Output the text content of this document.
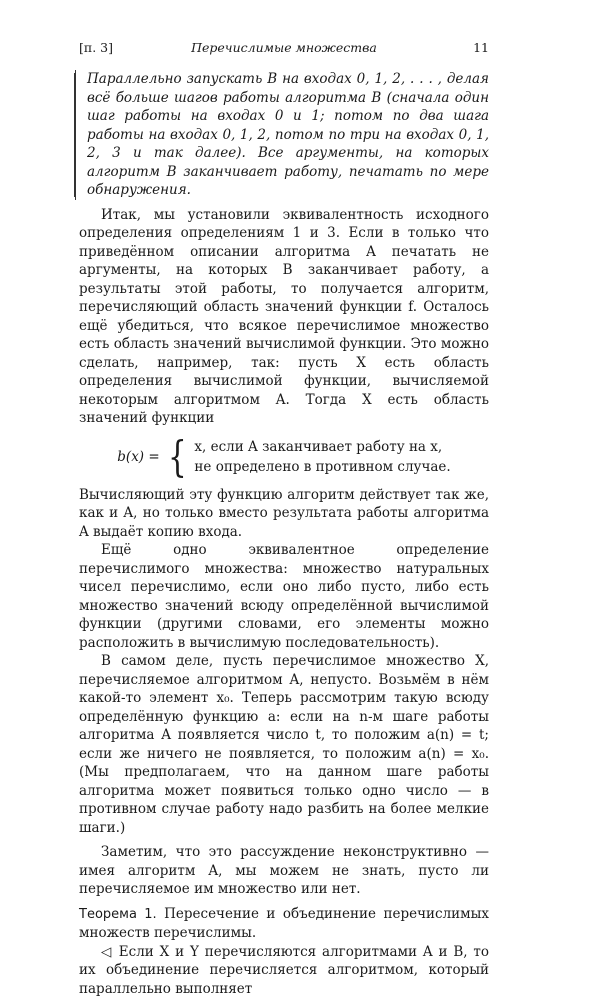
[п. 3]	Перечислимые множества	11

Параллельно запускать B на входах 0, 1, 2, . . . , делая всё больше шагов работы алгоритма B (сначала один шаг работы на входах 0 и 1; потом по два шага работы на входах 0, 1, 2, потом по три на входах 0, 1, 2, 3 и так далее). Все аргументы, на которых алгоритм B заканчивает работу, печатать по мере обнаружения.

Итак, мы установили эквивалентность исходного определения определениям 1 и 3. Если в только что приведённом описании алгоритма A печатать не аргументы, на которых B заканчивает работу, а результаты этой работы, то получается алгоритм, перечисляющий область значений функции f. Осталось ещё убедиться, что всякое перечислимое множество есть область значений вычислимой функции. Это можно сделать, например, так: пусть X есть область определения вычислимой функции, вычисляемой некоторым алгоритмом A. Тогда X есть область значений функции

b(x) = { x, если A заканчивает работу на x,
не определено в противном случае.

Вычисляющий эту функцию алгоритм действует так же, как и A, но только вместо результата работы алгоритма A выдаёт копию входа.

Ещё одно эквивалентное определение перечислимого множества: множество натуральных чисел перечислимо, если оно либо пусто, либо есть множество значений всюду определённой вычислимой функции (другими словами, его элементы можно расположить в вычислимую последовательность).

В самом деле, пусть перечислимое множество X, перечисляемое алгоритмом A, непусто. Возьмём в нём какой-то элемент x₀. Теперь рассмотрим такую всюду определённую функцию a: если на n-м шаге работы алгоритма A появляется число t, то положим a(n) = t; если же ничего не появляется, то положим a(n) = x₀. (Мы предполагаем, что на данном шаге работы алгоритма может появиться только одно число — в противном случае работу надо разбить на более мелкие шаги.)

Заметим, что это рассуждение неконструктивно — имея алгоритм A, мы можем не знать, пусто ли перечисляемое им множество или нет.

Теорема 1. Пересечение и объединение перечислимых множеств перечислимы.

◁ Если X и Y перечисляются алгоритмами A и B, то их объединение перечисляется алгоритмом, который параллельно выполняет
